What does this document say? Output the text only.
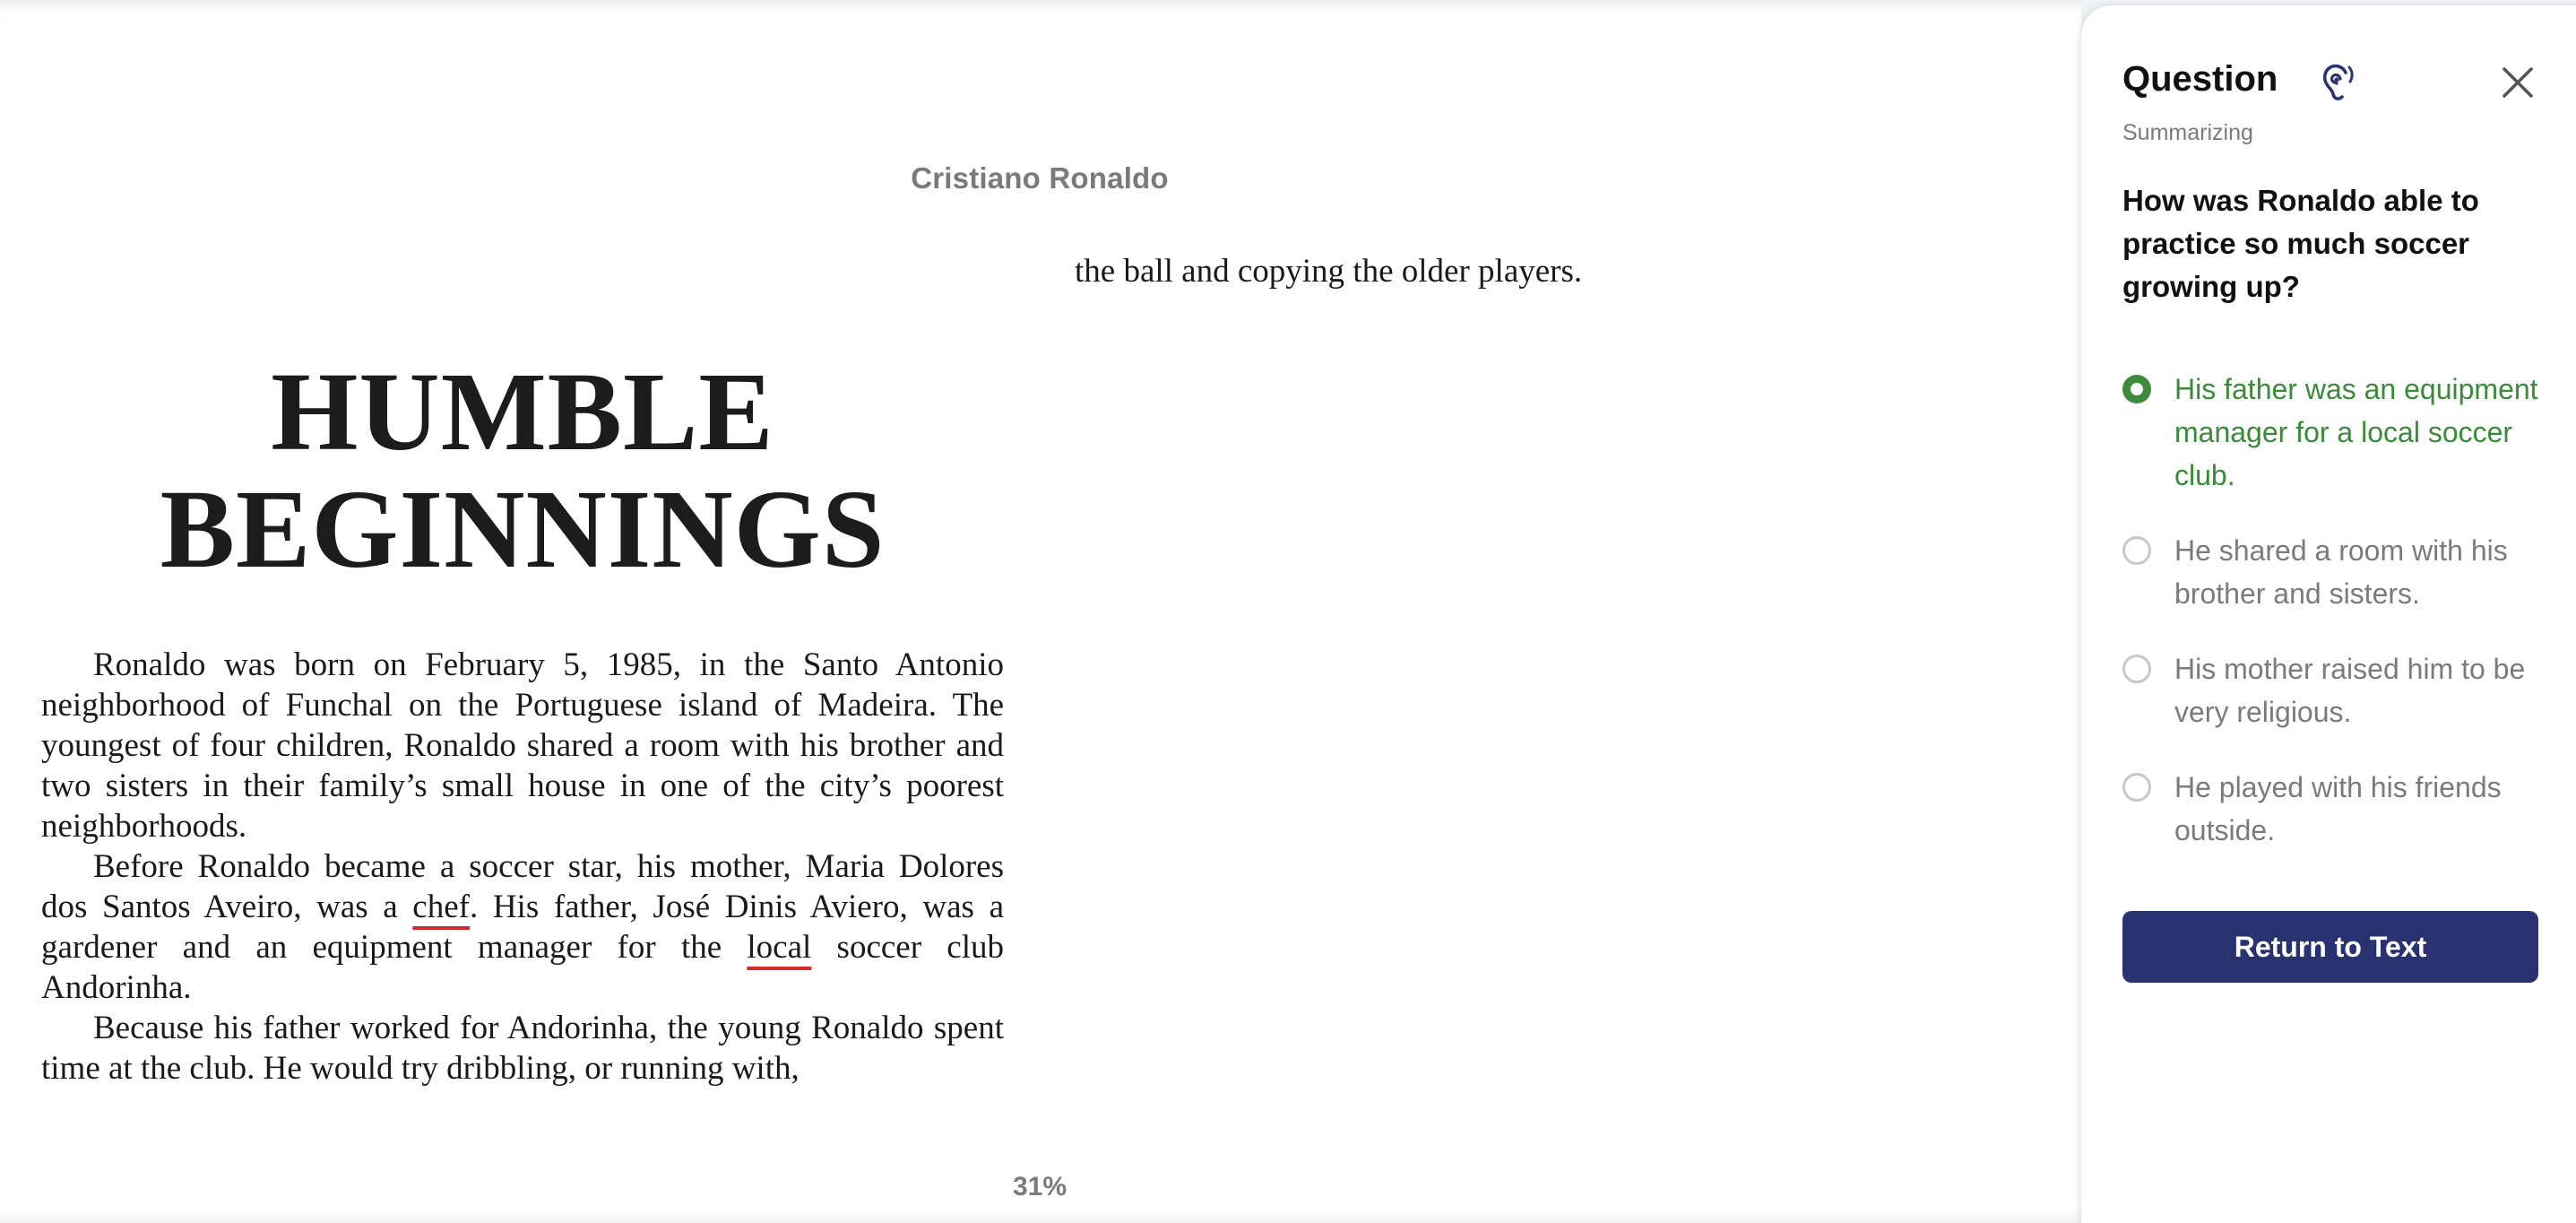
Cristiano Ronaldo
HUMBLE BEGINNINGS

Ronaldo was born on February 5, 1985, in the Santo Antonio neighborhood of Funchal on the Portuguese island of Madeira. The youngest of four children, Ronaldo shared a room with his brother and two sisters in their family’s small house in one of the city’s poorest neighborhoods.

Before Ronaldo became a soccer star, his mother, Maria Dolores dos Santos Aveiro, was a chef. His father, José Dinis Aviero, was a gardener and an equipment manager for the local soccer club Andorinha.

Because his father worked for Andorinha, the young Ronaldo spent time at the club. He would try dribbling, or running with,

the ball and copying the older players.
31%
Question
Summarizing
How was Ronaldo able to practice so much soccer growing up?
His father was an equipment manager for a local soccer club.
He shared a room with his brother and sisters.
His mother raised him to be very religious.
He played with his friends outside.
Return to Text
